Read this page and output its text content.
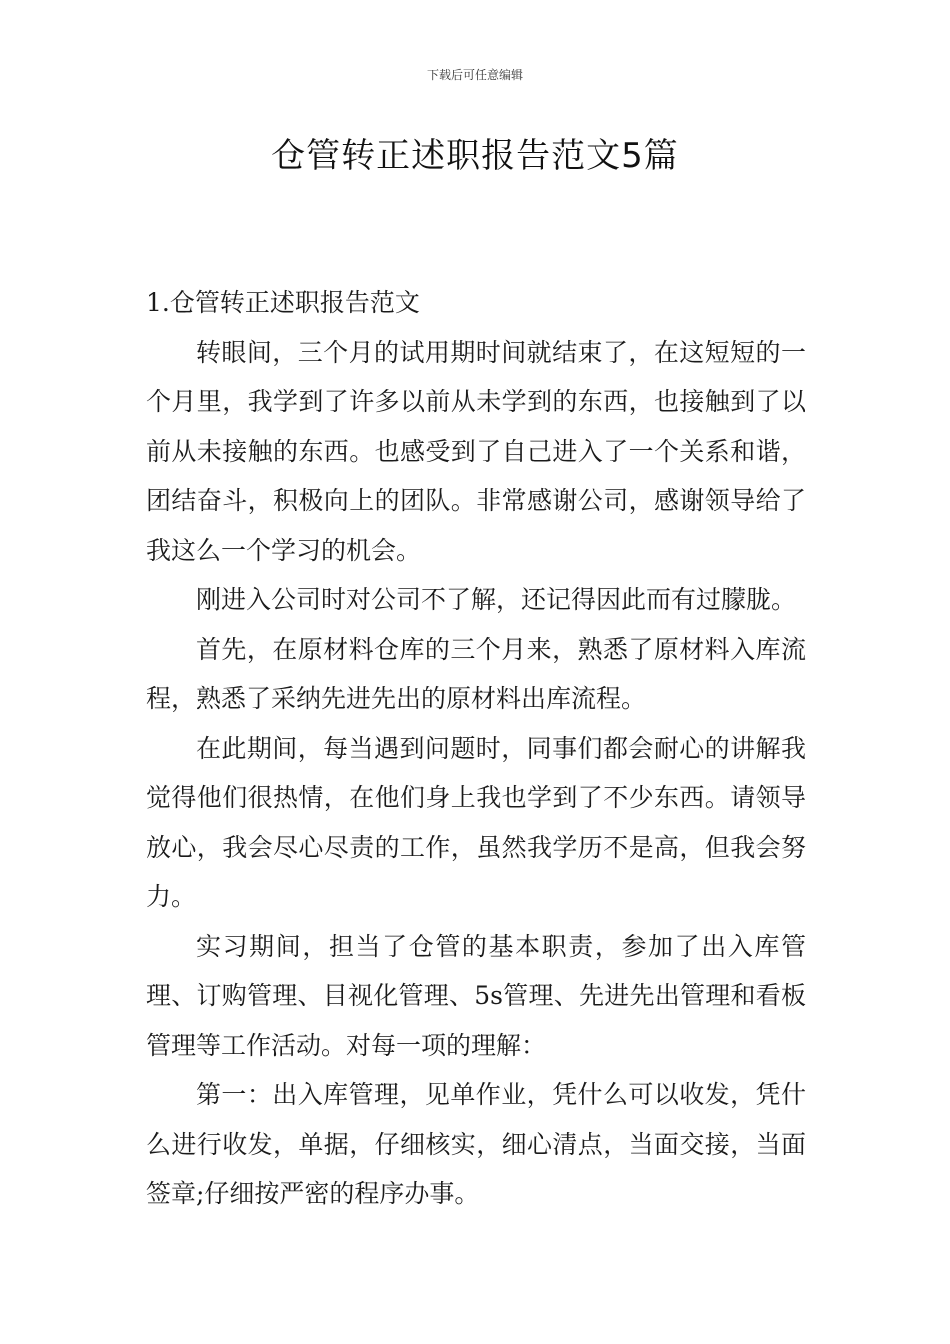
下载后可任意编辑
仓管转正述职报告范文5篇

1.仓管转正述职报告范文

转眼间，三个月的试用期时间就结束了，在这短短的一个月里，我学到了许多以前从未学到的东西，也接触到了以前从未接触的东西。也感受到了自己进入了一个关系和谐，团结奋斗，积极向上的团队。非常感谢公司，感谢领导给了我这么一个学习的机会。

刚进入公司时对公司不了解，还记得因此而有过朦胧。

首先，在原材料仓库的三个月来，熟悉了原材料入库流程，熟悉了采纳先进先出的原材料出库流程。

在此期间，每当遇到问题时，同事们都会耐心的讲解我觉得他们很热情，在他们身上我也学到了不少东西。请领导放心，我会尽心尽责的工作，虽然我学历不是高，但我会努力。

实习期间，担当了仓管的基本职责，参加了出入库管理、订购管理、目视化管理、5s管理、先进先出管理和看板管理等工作活动。对每一项的理解：

第一：出入库管理，见单作业，凭什么可以收发，凭什么进行收发，单据，仔细核实，细心清点，当面交接，当面签章;仔细按严密的程序办事。
